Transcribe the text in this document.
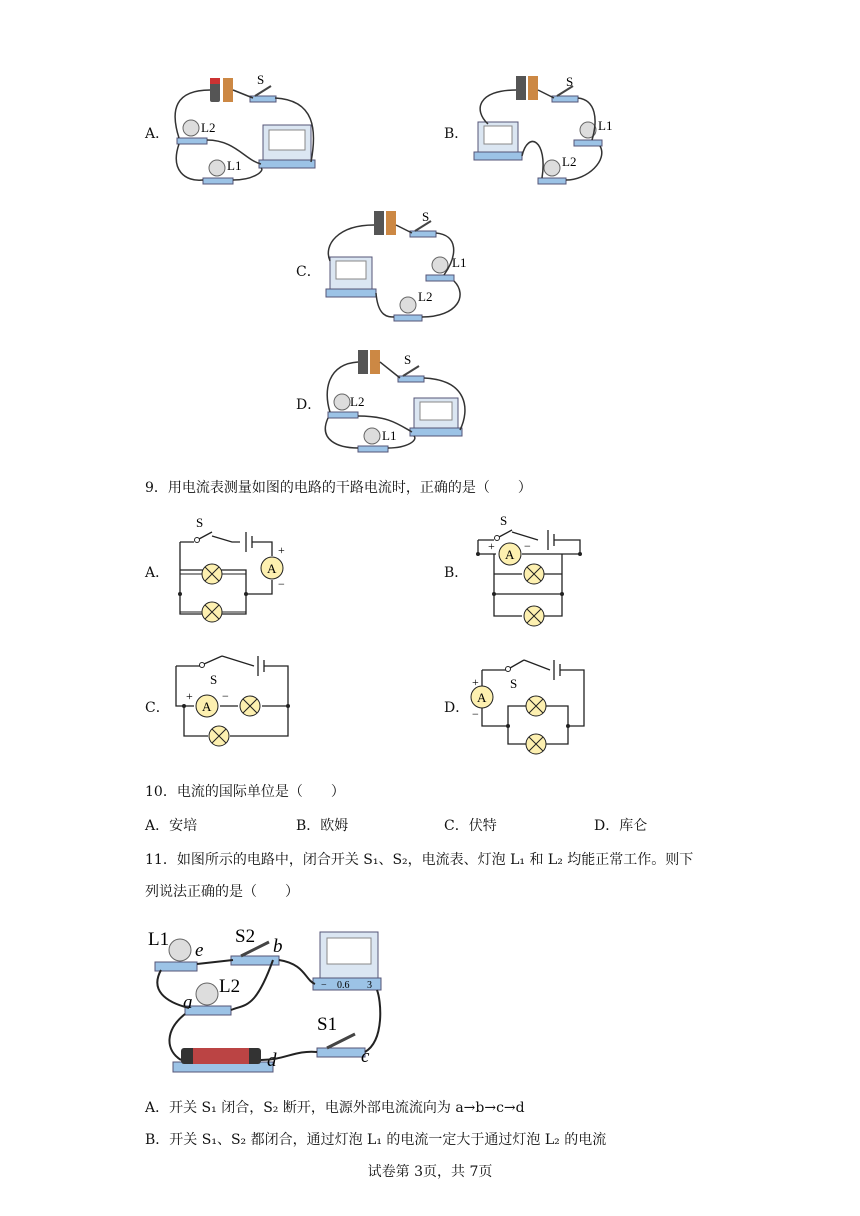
A．
S
L2
L1
B．
S
L1
L2
C．
S
L1
L2
D．
S
L2
L1
9．用电流表测量如图的电路的干路电流时，正确的是（　　）
A．
S
A
+
−
B．
S
A
+ −
C．
S
A
+ −
D．
S
A
+
−
10．电流的国际单位是（　　）
A．安培	B．欧姆	C．伏特	D．库仑
11．如图所示的电路中，闭合开关 S₁、S₂，电流表、灯泡 L₁ 和 L₂ 均能正常工作。则下
列说法正确的是（　　）
L1
e
S2 b
− 0.6 3
a
L2
d
S1
c
A．开关 S₁ 闭合，S₂ 断开，电源外部电流流向为 a→b→c→d
B．开关 S₁、S₂ 都闭合，通过灯泡 L₁ 的电流一定大于通过灯泡 L₂ 的电流
试卷第 3页，共 7页
